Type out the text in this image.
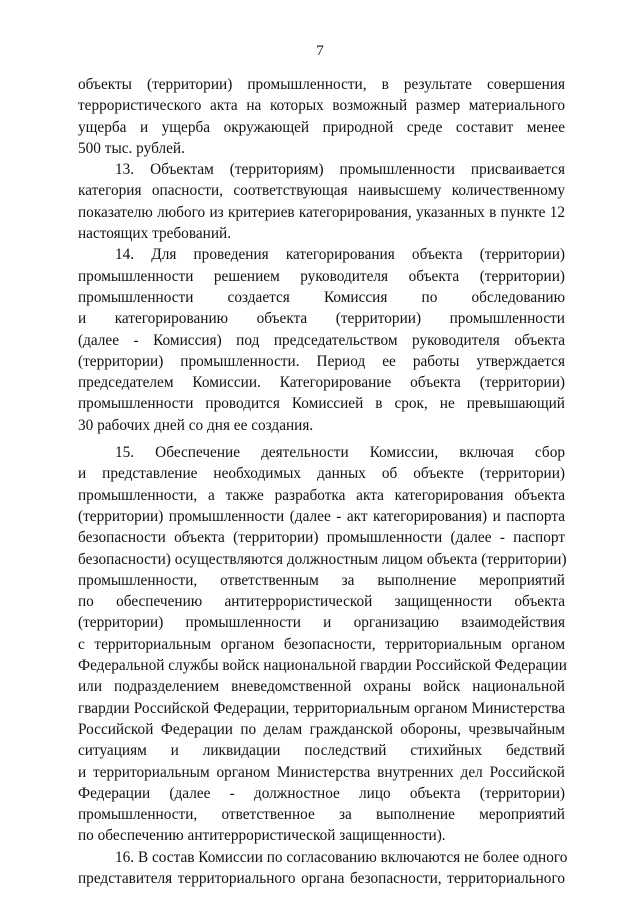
7
объекты (территории) промышленности, в результате совершения
террористического акта на которых возможный размер материального
ущерба и ущерба окружающей природной среде составит менее
500 тыс. рублей.
13. Объектам (территориям) промышленности присваивается
категория опасности, соответствующая наивысшему количественному
показателю любого из критериев категорирования, указанных в пункте 12
настоящих требований.
14. Для проведения категорирования объекта (территории)
промышленности решением руководителя объекта (территории)
промышленности создается Комиссия по обследованию
и категорированию объекта (территории) промышленности
(далее - Комиссия) под председательством руководителя объекта
(территории) промышленности. Период ее работы утверждается
председателем Комиссии. Категорирование объекта (территории)
промышленности проводится Комиссией в срок, не превышающий
30 рабочих дней со дня ее создания.
15. Обеспечение деятельности Комиссии, включая сбор
и представление необходимых данных об объекте (территории)
промышленности, а также разработка акта категорирования объекта
(территории) промышленности (далее - акт категорирования) и паспорта
безопасности объекта (территории) промышленности (далее - паспорт
безопасности) осуществляются должностным лицом объекта (территории)
промышленности, ответственным за выполнение мероприятий
по обеспечению антитеррористической защищенности объекта
(территории) промышленности и организацию взаимодействия
с территориальным органом безопасности, территориальным органом
Федеральной службы войск национальной гвардии Российской Федерации
или подразделением вневедомственной охраны войск национальной
гвардии Российской Федерации, территориальным органом Министерства
Российской Федерации по делам гражданской обороны, чрезвычайным
ситуациям и ликвидации последствий стихийных бедствий
и территориальным органом Министерства внутренних дел Российской
Федерации (далее - должностное лицо объекта (территории)
промышленности, ответственное за выполнение мероприятий
по обеспечению антитеррористической защищенности).
16. В состав Комиссии по согласованию включаются не более одного
представителя территориального органа безопасности, территориального
